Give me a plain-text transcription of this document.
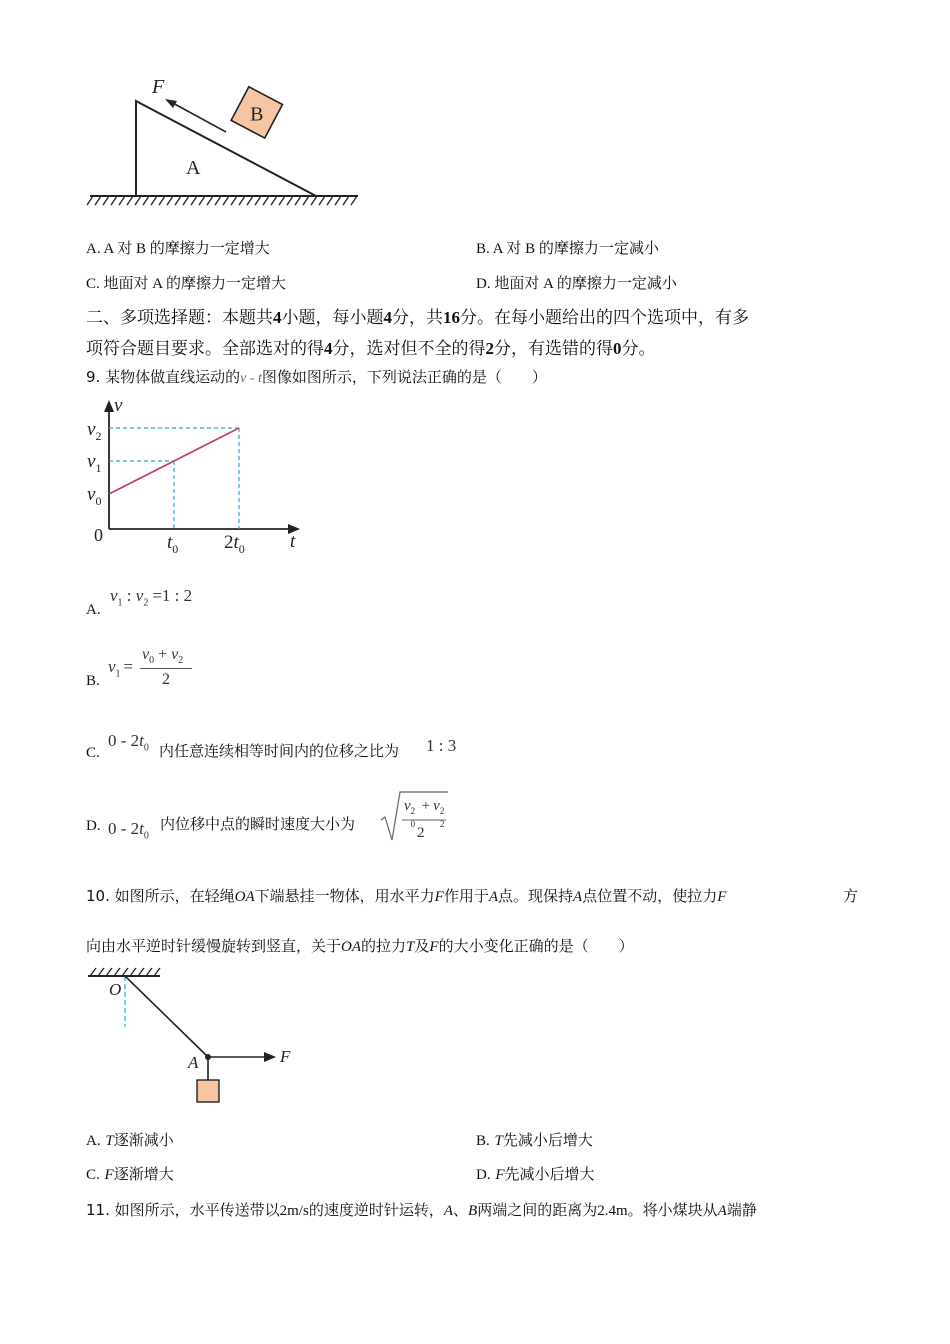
B
F
A
A. A 对 B 的摩擦力一定增大	B. A 对 B 的摩擦力一定减小
C. 地面对 A 的摩擦力一定增大	D. 地面对 A 的摩擦力一定减小
二、多项选择题：本题共4小题，每小题4分，共16分。在每小题给出的四个选项中，有多
项符合题目要求。全部选对的得4分，选对但不全的得2分，有选错的得0分。
9. 某物体做直线运动的v - t图像如图所示，下列说法正确的是（　　）
v
t
0
$v_2$
$v_1$
$v_0$
$t_0$ $2t_0$
A.
$v_1$ : $v_2 =1$ : 2
B.
$v_1$ =
$v_0 + v_2$
2
C.
$0 - 2t_0$ 内任意连续相等时间内的位移之比为 1 : 3
D. $0 - 2t_0$
内位移中点的瞬时速度大小为
v 2
0
+ v 2
2
2
10. 如图所示，在轻绳OA下端悬挂一物体，用水平力F作用于A点。现保持A点位置不动，使拉力F	方
向由水平逆时针缓慢旋转到竖直，关于OA的拉力T及F的大小变化正确的是（　　）
O
A	F
A. T逐渐减小	B. T先减小后增大
C. F逐渐增大	D. F先减小后增大
11. 如图所示，水平传送带以2m/s的速度逆时针运转，A、B两端之间的距离为2.4m。将小煤块从A端静
